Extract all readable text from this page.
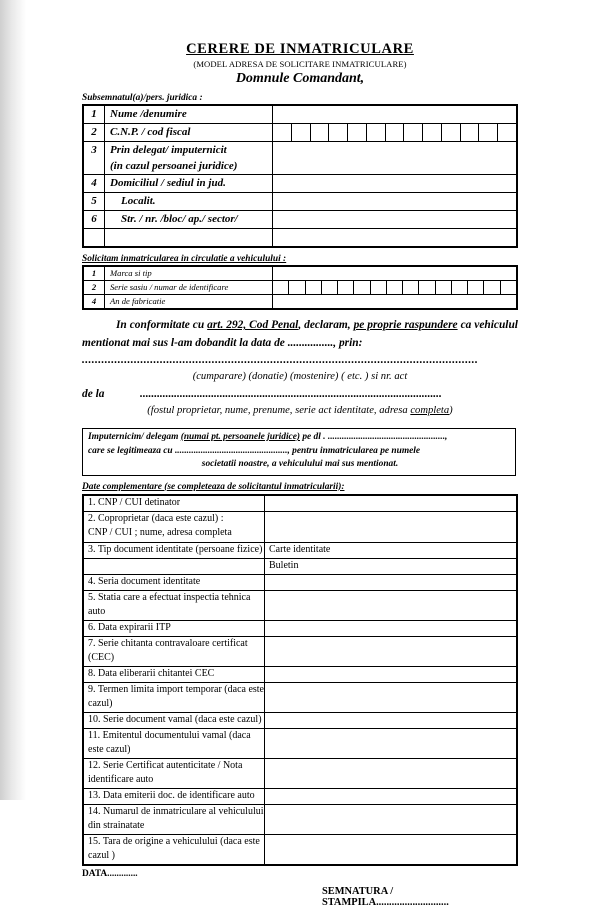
CERERE DE INMATRICULARE
(MODEL ADRESA DE SOLICITARE INMATRICULARE)
Domnule Comandant,
Subsemnatul(a)/pers. juridica :
1	Nume /denumire	
2	C.N.P. / cod fiscal	

3	Prin delegat/ imputernicit
(in cazul persoanei juridice)	

4	Domiciliul / sediul in jud.	
5	Localit.	
6	Str. / nr. /bloc/ ap./ sector/	

Solicitam inmatricularea in circulatie a vehiculului :
1	Marca si tip	
2	Serie sasiu / numar de identificare	

4	An de fabricatie	
In conformitate cu art. 292, Cod Penal, declaram, pe proprie raspundere ca vehiculul mentionat mai sus l-am dobandit la data de ................, prin:
..........................................................................................................................
(cumparare) (donatie) (mostenire) ( etc. ) si nr. act
de la	..........................................................................................................
(fostul proprietar, nume, prenume, serie act identitate, adresa completa)

Imputernicim/ delegam (numai pt. persoanele juridice) pe dl . ..................................................,

care se legitimeaza cu ................................................, pentru inmatricularea pe numele

societatii noastre, a vehiculului mai sus mentionat.

Date complementare (se completeaza de solicitantul inmatricularii):
1. CNP / CUI detinator	

2. Coproprietar (daca este cazul) :
CNP / CUI ; nume, adresa completa	

3. Tip document identitate (persoane fizice)	Carte identitate
	Buletin
4. Seria document identitate	
5. Statia care a efectuat inspectia tehnica auto	
6. Data expirarii ITP	
7. Serie chitanta contravaloare certificat (CEC)	
8. Data eliberarii chitantei CEC	
9. Termen limita import temporar (daca este cazul)	
10. Serie document vamal (daca este cazul)	
11. Emitentul documentului vamal (daca este cazul)	
12. Serie Certificat autenticitate / Nota identificare auto	
13. Data emiterii doc. de identificare auto	
14. Numarul de inmatriculare al vehiculului din strainatate	
15. Tara de origine a vehiculului (daca este cazul )	
DATA.............
SEMNATURA / STAMPILA............................
